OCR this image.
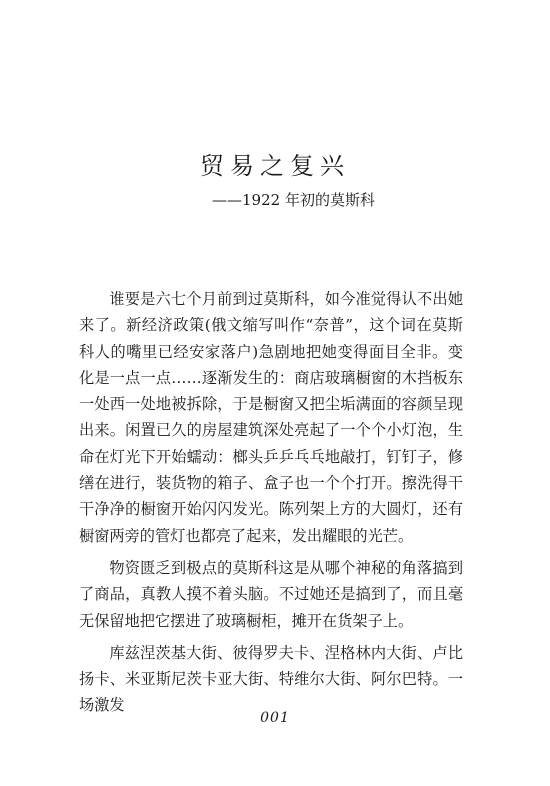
贸易之复兴
——1922 年初的莫斯科

谁要是六七个月前到过莫斯科，如今准觉得认不出她来了。新经济政策(俄文缩写叫作“奈普”，这个词在莫斯科人的嘴里已经安家落户)急剧地把她变得面目全非。变化是一点一点……逐渐发生的：商店玻璃橱窗的木挡板东一处西一处地被拆除，于是橱窗又把尘垢满面的容颜呈现出来。闲置已久的房屋建筑深处亮起了一个个小灯泡，生命在灯光下开始蠕动：榔头乒乒乓乓地敲打，钉钉子，修缮在进行，装货物的箱子、盒子也一个个打开。擦洗得干干净净的橱窗开始闪闪发光。陈列架上方的大圆灯，还有橱窗两旁的管灯也都亮了起来，发出耀眼的光芒。

物资匮乏到极点的莫斯科这是从哪个神秘的角落搞到了商品，真教人摸不着头脑。不过她还是搞到了，而且毫无保留地把它摆进了玻璃橱柜，摊开在货架子上。

库兹涅茨基大街、彼得罗夫卡、涅格林内大街、卢比扬卡、米亚斯尼茨卡亚大街、特维尔大街、阿尔巴特。一场激发

001
